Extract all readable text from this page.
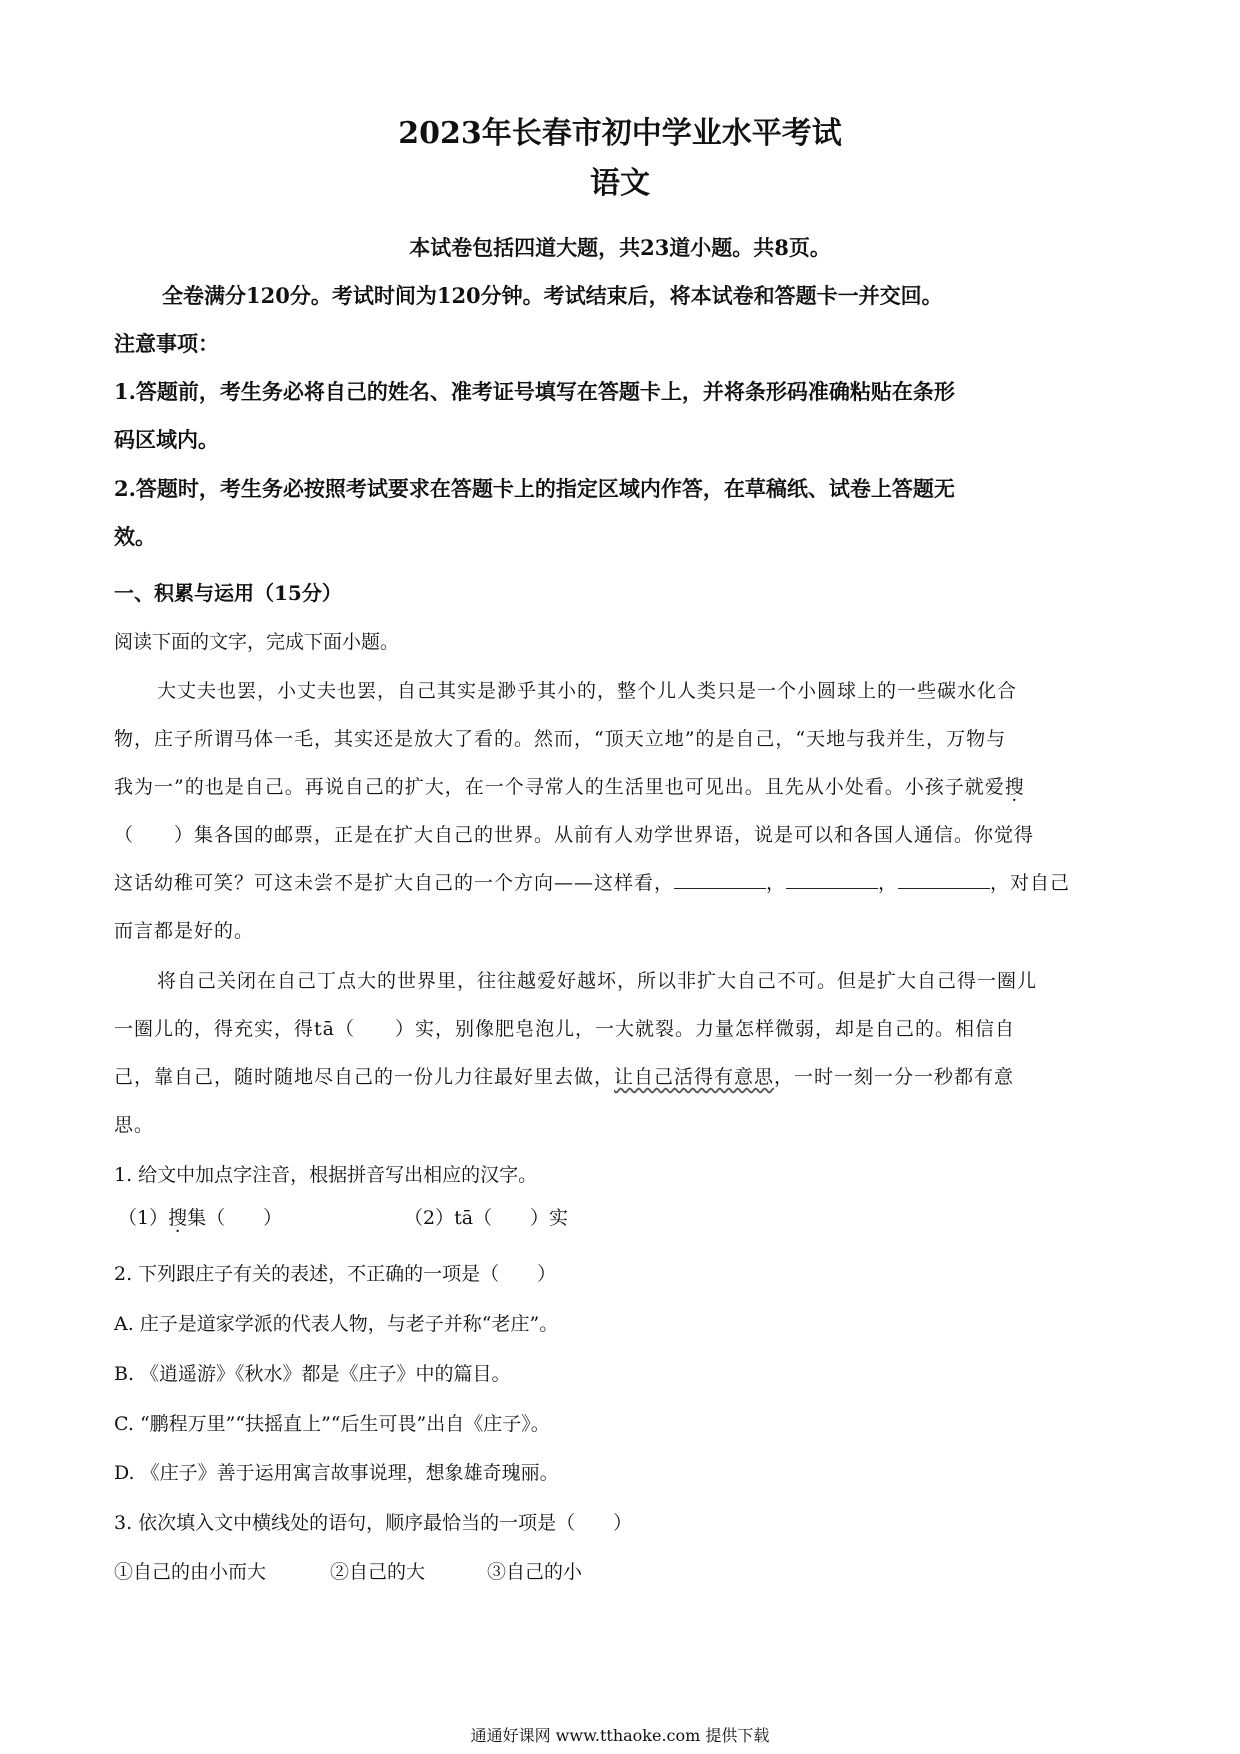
2023年长春市初中学业水平考试
语文
本试卷包括四道大题，共23道小题。共8页。
全卷满分120分。考试时间为120分钟。考试结束后，将本试卷和答题卡一并交回。
注意事项：
1.答题前，考生务必将自己的姓名、准考证号填写在答题卡上，并将条形码准确粘贴在条形
码区域内。
2.答题时，考生务必按照考试要求在答题卡上的指定区域内作答，在草稿纸、试卷上答题无
效。
一、积累与运用（15分）
阅读下面的文字，完成下面小题。
大丈夫也罢，小丈夫也罢，自己其实是渺乎其小的，整个儿人类只是一个小圆球上的一些碳水化合
物，庄子所谓马体一毛，其实还是放大了看的。然而，“顶天立地”的是自己，“天地与我并生，万物与
我为一”的也是自己。再说自己的扩大，在一个寻常人的生活里也可见出。且先从小处看。小孩子就爱搜
（　　）集各国的邮票，正是在扩大自己的世界。从前有人劝学世界语，说是可以和各国人通信。你觉得
这话幼稚可笑？可这未尝不是扩大自己的一个方向——这样看，	，	，	，对自己
而言都是好的。
将自己关闭在自己丁点大的世界里，往往越爱好越坏，所以非扩大自己不可。但是扩大自己得一圈儿
一圈儿的，得充实，得tā（　　）实，别像肥皂泡儿，一大就裂。力量怎样微弱，却是自己的。相信自
己，靠自己，随时随地尽自己的一份儿力往最好里去做，让自己活得有意思，一时一刻一分一秒都有意
思。
1. 给文中加点字注音，根据拼音写出相应的汉字。
（1）搜集（　　）	（2）tā（　　）实
2. 下列跟庄子有关的表述，不正确的一项是（　　）
A. 庄子是道家学派的代表人物，与老子并称“老庄”。
B. 《逍遥游》《秋水》都是《庄子》中的篇目。
C. “鹏程万里”“扶摇直上”“后生可畏”出自《庄子》。
D. 《庄子》善于运用寓言故事说理，想象雄奇瑰丽。
3. 依次填入文中横线处的语句，顺序最恰当的一项是（　　）
①自己的由小而大	②自己的大	③自己的小
通通好课网 www.tthaoke.com 提供下载
